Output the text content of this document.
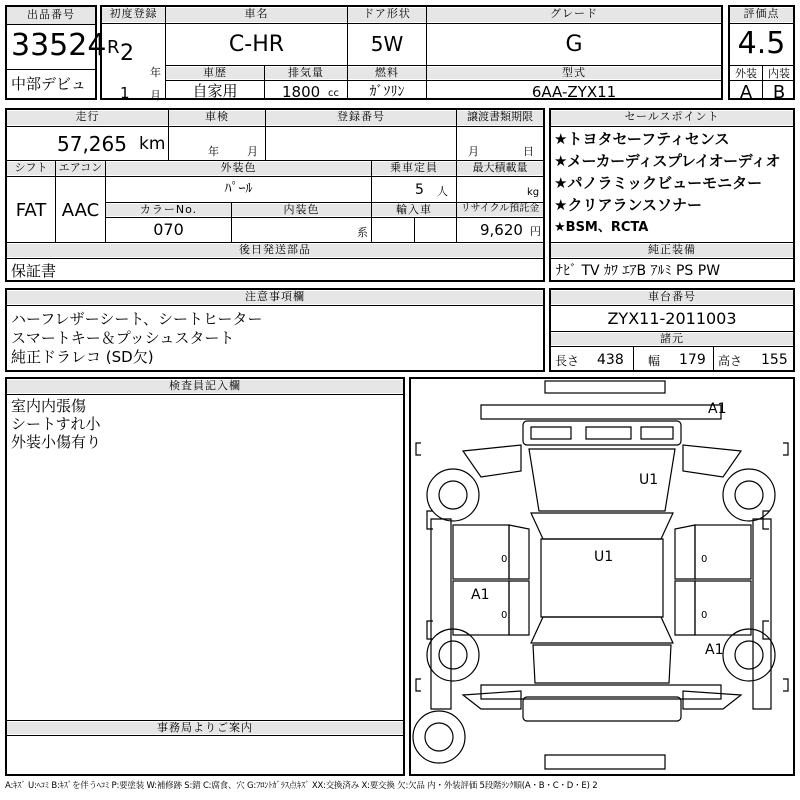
出品番号
33524
中部デビュ
初度登録
R 2
年
1 月
車名
C-HR
車歴
自家用
排気量
1800 cc
ドア形状
5W
燃料
ｶﾞｿﾘﾝ
グレード
G
型式
6AA-ZYX11
評価点
4.5
外装	内装
A	B
走行
57,265 km
車検
年	月
登録番号	譲渡書類期限
月	日
シフト
FAT
エアコン
AAC
外装色
ﾊﾟｰﾙ
乗車定員
5 人
最大積載量
kg
カラーNo.
070
内装色
系
輸入車	リサイクル預託金
9,620 円
後日発送部品
保証書
セールスポイント
★トヨタセーフティセンス
★メーカーディスプレイオーディオ
★パノラミックビューモニター
★クリアランスソナー
★BSM、RCTA
純正装備
ﾅﾋﾞ TV ｶﾜ ｴｱB ｱﾙﾐ PS PW
注意事項欄
ハーフレザーシート、シートヒーター
スマートキー＆プッシュスタート
純正ドラレコ (SD欠)
車台番号
ZYX11-2011003
諸元
長さ 438 幅 179 高さ 155
検査員記入欄
室内内張傷
シートすれ小
外装小傷有り
事務局よりご案内
A1
U1
U1
A1
A1
0	0
0	0
A:ｷｽﾞ U:ﾍｺﾐ B:ｷｽﾞを伴うﾍｺﾐ P:要塗装 W:補修跡 S:錆 C:腐食、穴 G:ﾌﾛﾝﾄｶﾞﾗｽ点ｷｽﾞ XX:交換済み X:要交換 欠:欠品 内・外装評価 5段階ﾗﾝｸ順(A・B・C・D・E) 2
